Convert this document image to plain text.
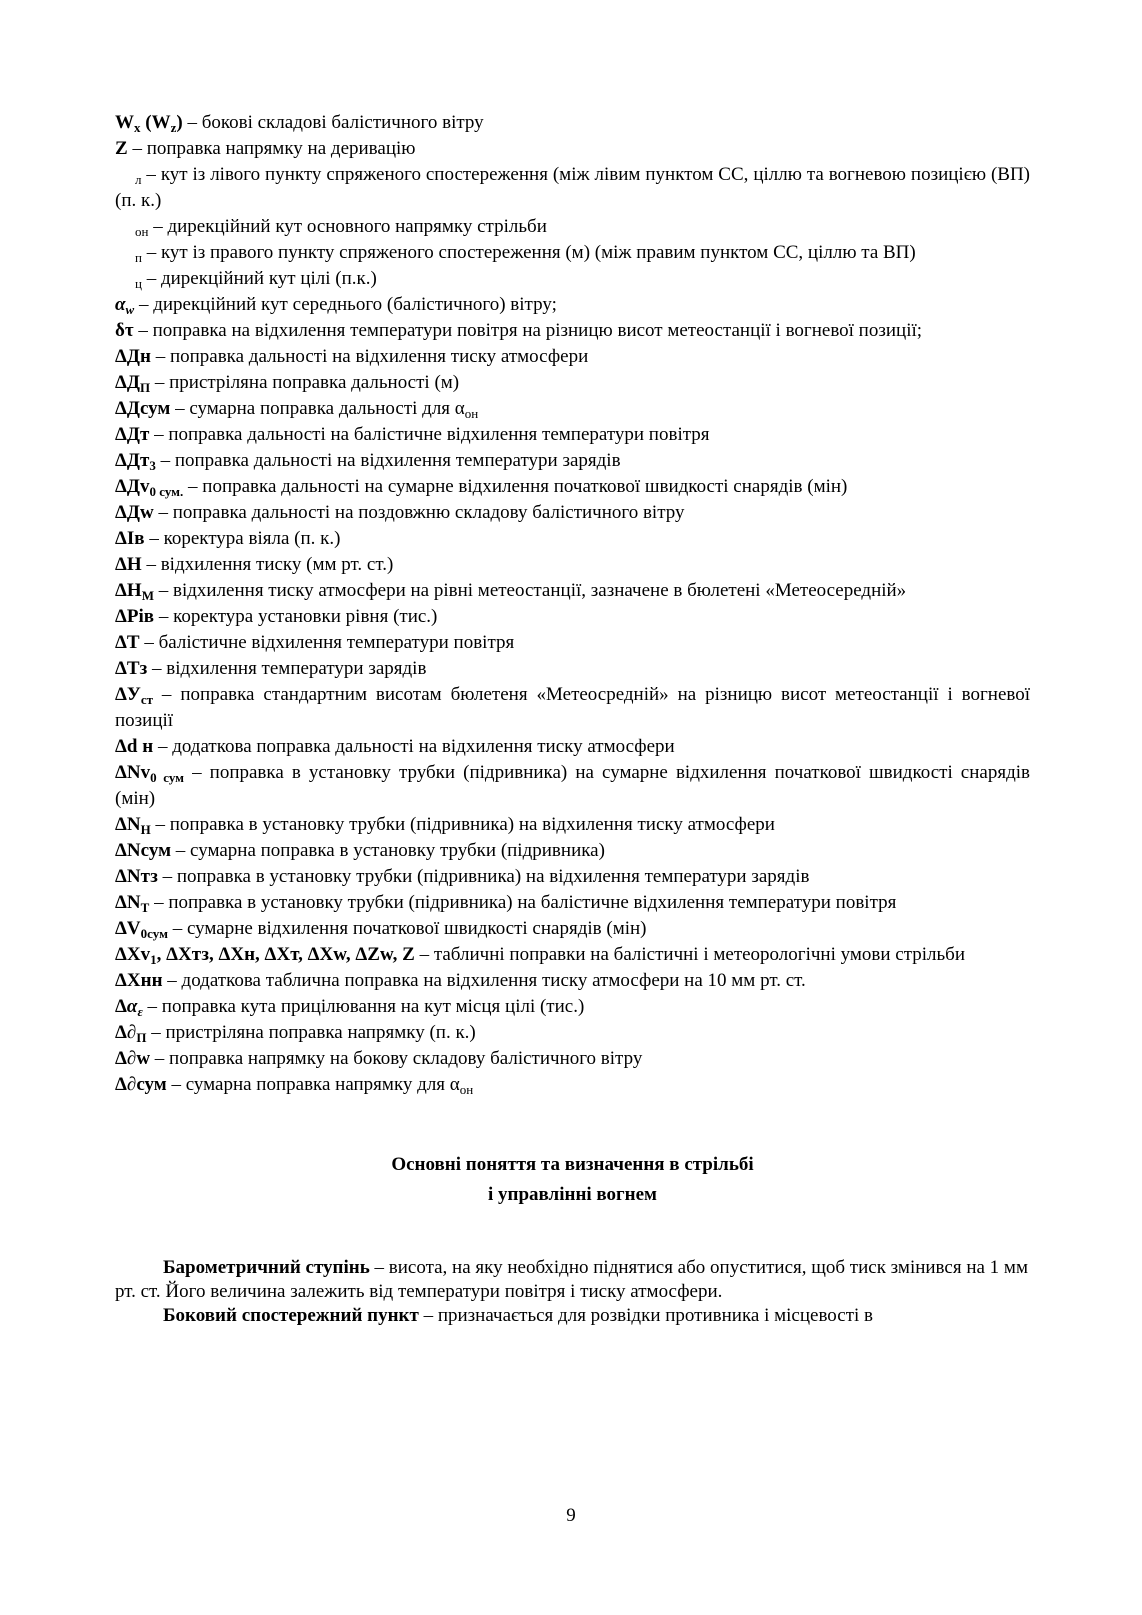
$W_x$ $(W_z)$ – бокові складові балістичного вітру
Z – поправка напрямку на деривацію
$_л$ – кут із лівого пункту спряженого спостереження (між лівим пунктом СС, ціллю та вогневою позицією (ВП) (п. к.)
$_{он}$ – дирекційний кут основного напрямку стрільби
$_п$ – кут із правого пункту спряженого спостереження (м) (між правим пунктом СС, ціллю та ВП)
$_ц$ – дирекційний кут цілі (п.к.)
$\alpha_w$ – дирекційний кут середнього (балістичного) вітру;
δτ – поправка на відхилення температури повітря на різницю висот метеостанції і вогневої позиції;
ΔДн – поправка дальності на відхилення тиску атмосфери
$\Delta Д_П$ – пристріляна поправка дальності (м)
ΔДсум – сумарна поправка дальності для $\alpha_{он}$
ΔДт – поправка дальності на балістичне відхилення температури повітря
ΔДт$_3$ – поправка дальності на відхилення температури зарядів
ΔДv$_{0 сум.}$ – поправка дальності на сумарне відхилення початкової швидкості снарядів (мін)
ΔДw – поправка дальності на поздовжню складову балістичного вітру
ΔІв – коректура віяла (п. к.)
ΔН – відхилення тиску (мм рт. ст.)
$\Delta Н_М$ – відхилення тиску атмосфери на рівні метеостанції, зазначене в бюлетені «Метеосередній»
ΔРів – коректура установки рівня (тис.)
ΔТ – балістичне відхилення температури повітря
ΔТз – відхилення температури зарядів
$\Delta У_{ст}$ – поправка стандартним висотам бюлетеня «Метеосредній» на різницю висот метеостанції і вогневої позиції
Δd н – додаткова поправка дальності на відхилення тиску атмосфери
ΔNv$_{0 сум}$ – поправка в установку трубки (підривника) на сумарне відхилення початкової швидкості снарядів (мін)
$\Delta N_Н$ – поправка в установку трубки (підривника) на відхилення тиску атмосфери
ΔNсум – сумарна поправка в установку трубки (підривника)
ΔNтз – поправка в установку трубки (підривника) на відхилення температури зарядів
$\Delta N_Т$ – поправка в установку трубки (підривника) на балістичне відхилення температури повітря
$\Delta V_{0сум}$ – сумарне відхилення початкової швидкості снарядів (мін)
ΔXv$_1$, ΔXтз, ΔXн, ΔXт, ΔXw, ΔZw, Z – табличні поправки на балістичні і метеорологічні умови стрільби
ΔXнн – додаткова таблична поправка на відхилення тиску атмосфери на 10 мм рт. ст.
$\Delta\alpha_\varepsilon$ – поправка кута прицілювання на кут місця цілі (тис.)
$\Delta\partial_П$ – пристріляна поправка напрямку (п. к.)
Δ∂w – поправка напрямку на бокову складову балістичного вітру
Δ∂сум – сумарна поправка напрямку для $\alpha_{он}$
Основні поняття та визначення в стрільбі
і управлінні вогнем

Барометричний ступінь – висота, на яку необхідно піднятися або опуститися, щоб тиск змінився на 1 мм рт. ст. Його величина залежить від температури повітря і тиску атмосфери.

Боковий спостережний пункт – призначається для розвідки противника і місцевості в

9
